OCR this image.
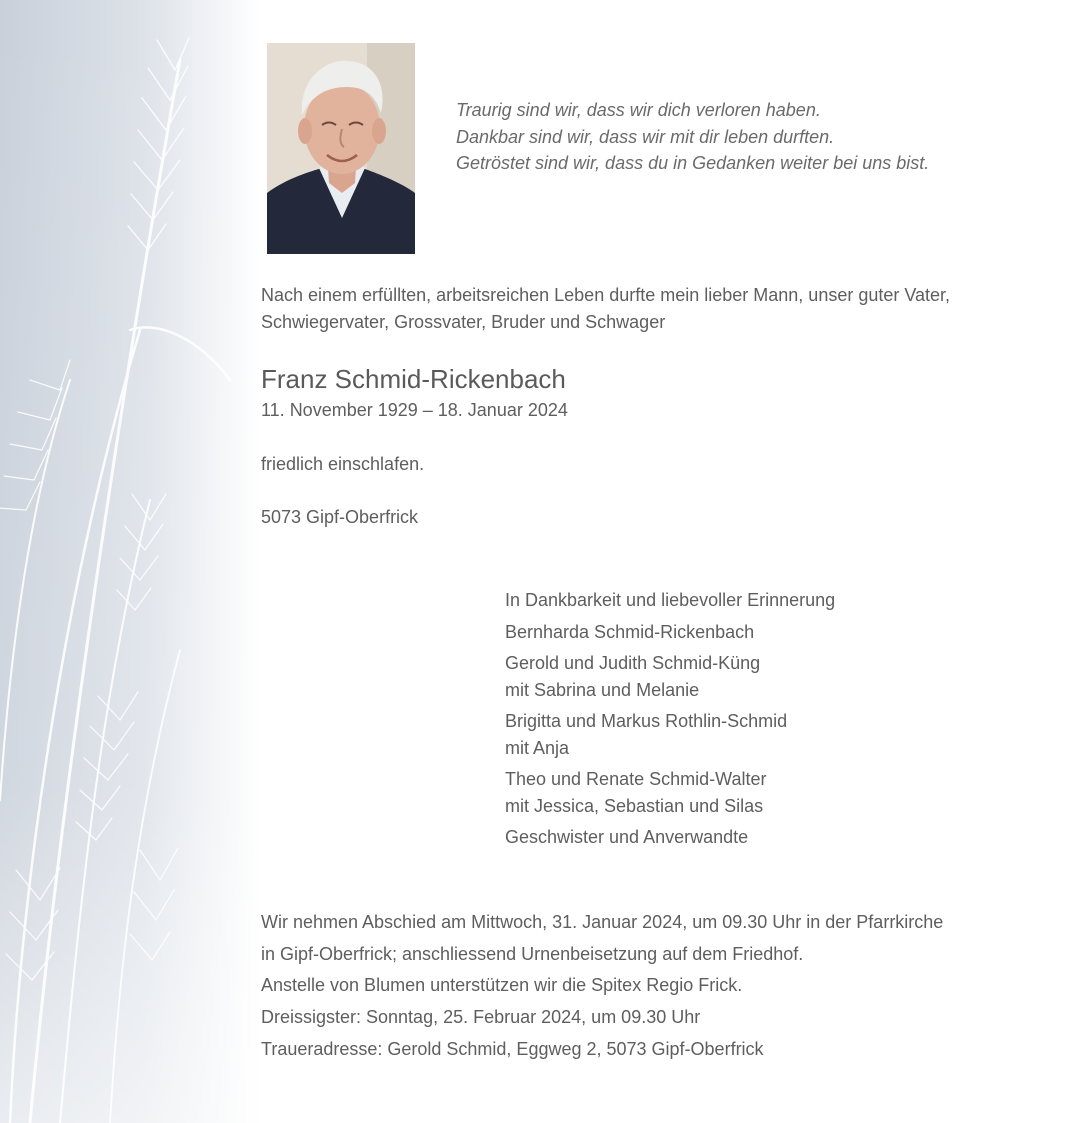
Traurig sind wir, dass wir dich verloren haben.
Dankbar sind wir, dass wir mit dir leben durften.
Getröstet sind wir, dass du in Gedanken weiter bei uns bist.
Nach einem erfüllten, arbeitsreichen Leben durfte mein lieber Mann, unser guter Vater,
Schwiegervater, Grossvater, Bruder und Schwager
Franz Schmid-Rickenbach
11. November 1929 – 18. Januar 2024
friedlich einschlafen.
5073 Gipf-Oberfrick
In Dankbarkeit und liebevoller Erinnerung
Bernharda Schmid-Rickenbach
Gerold und Judith Schmid-Küng
mit Sabrina und Melanie
Brigitta und Markus Rothlin-Schmid
mit Anja
Theo und Renate Schmid-Walter
mit Jessica, Sebastian und Silas
Geschwister und Anverwandte
Wir nehmen Abschied am Mittwoch, 31. Januar 2024, um 09.30 Uhr in der Pfarrkirche
in Gipf-Oberfrick; anschliessend Urnenbeisetzung auf dem Friedhof.
Anstelle von Blumen unterstützen wir die Spitex Regio Frick.
Dreissigster: Sonntag, 25. Februar 2024, um 09.30 Uhr
Traueradresse: Gerold Schmid, Eggweg 2, 5073 Gipf-Oberfrick
